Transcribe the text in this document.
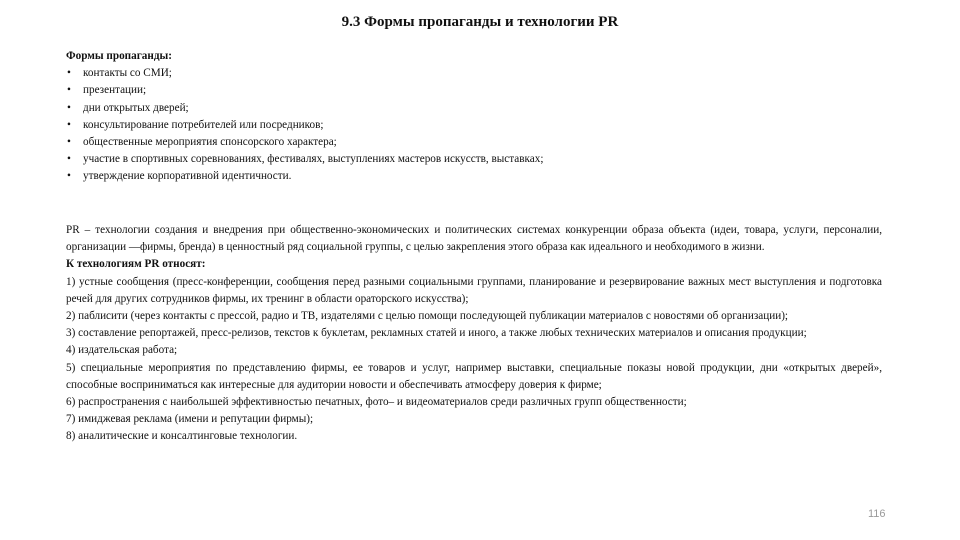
9.3 Формы пропаганды и технологии PR
Формы пропаганды:
• контакты со СМИ;
• презентации;
• дни открытых дверей;
• консультирование потребителей или посредников;
• общественные мероприятия спонсорского характера;
• участие в спортивных соревнованиях, фестивалях, выступлениях мастеров искусств, выставках;
• утверждение корпоративной идентичности.

PR – технологии создания и внедрения при общественно-экономических и политических системах конкуренции образа объекта (идеи, товара, услуги, персоналии, организации —фирмы, бренда) в ценностный ряд социальной группы, с целью закрепления этого образа как идеального и необходимого в жизни.

К технологиям PR относят:

1) устные сообщения (пресс-конференции, сообщения перед разными социальными группами, планирование и резервирование важных мест выступления и подготовка речей для других сотрудников фирмы, их тренинг в области ораторского искусства);

2) паблисити (через контакты с прессой, радио и ТВ, издателями с целью помощи последующей публикации материалов с новостями об организации);

3) составление репортажей, пресс-релизов, текстов к буклетам, рекламных статей и иного, а также любых технических материалов и описания продукции;

4) издательская работа;

5) специальные мероприятия по представлению фирмы, ее товаров и услуг, например выставки, специальные показы новой продукции, дни «открытых дверей», способные восприниматься как интересные для аудитории новости и обеспечивать атмосферу доверия к фирме;

6) распространения с наибольшей эффективностью печатных, фото– и видеоматериалов среди различных групп общественности;

7) имиджевая реклама (имени и репутации фирмы);

8) аналитические и консалтинговые технологии.

116
